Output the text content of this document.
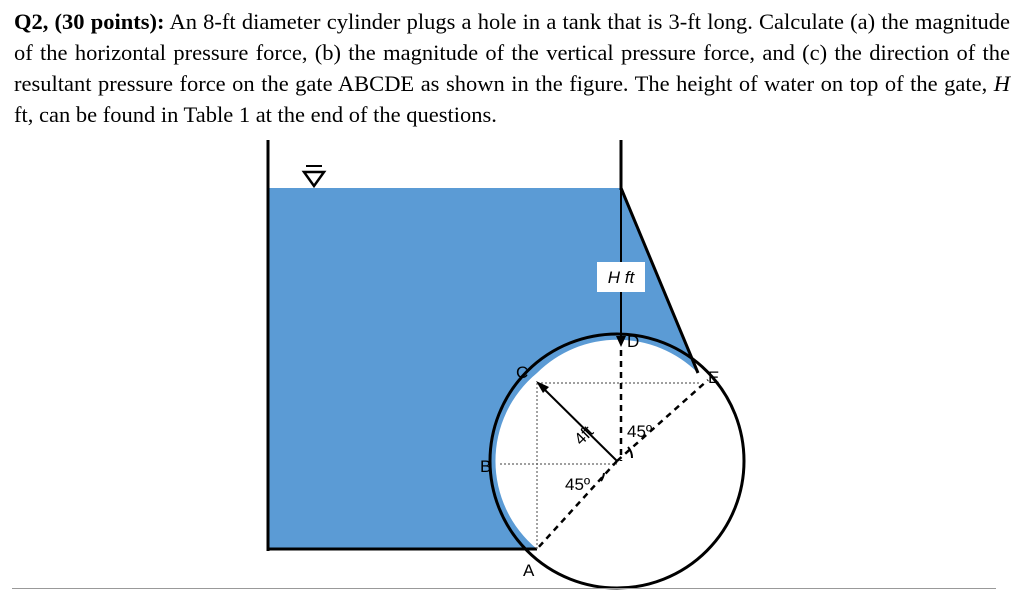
Q2, (30 points): An 8-ft diameter cylinder plugs a hole in a tank that is 3-ft long. Calculate (a) the magnitude of the horizontal pressure force, (b) the magnitude of the vertical pressure force, and (c) the direction of the resultant pressure force on the gate ABCDE as shown in the figure. The height of water on top of the gate, H ft, can be found in Table 1 at the end of the questions.
H ft
C
D
E
B
A
4ft 45º
45º
